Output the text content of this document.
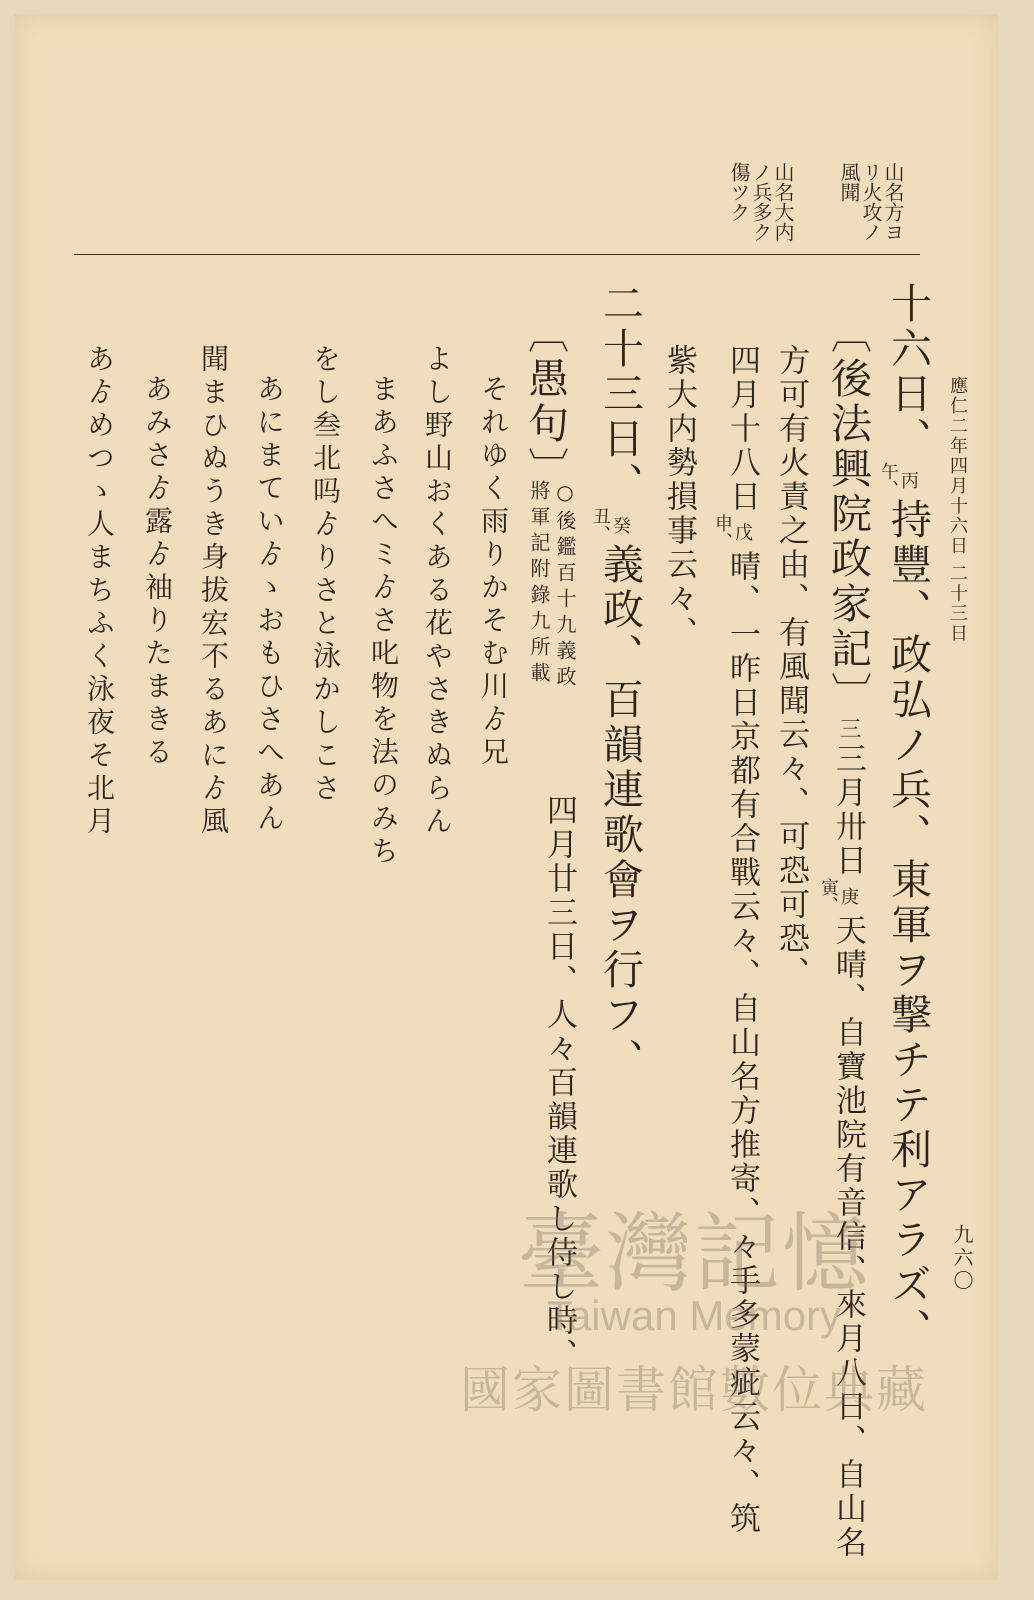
應仁二年四月十六日 二十三日
九六〇
山名方ヨリ火攻ノ風聞
山名大内ノ兵多ク傷ツク
十六日、
丙
午、
持豐、政弘ノ兵、東軍ヲ撃チテ利アラズ、
〔後法興院政家記〕三三月卅日
庚
寅、
天晴、自寶池院有音信、來月八日、自山名
方可有火責之由、有風聞云々、可恐可恐、
四月十八日
戊
申、
晴、一昨日京都有合戰云々、自山名方推寄、々手多蒙疵云々、筑
紫大内勢損事云々、
二十三日、
癸
丑、
義政、百韻連歌會ヲ行フ、
〔愚句〕
○後鑑百十九義政
將軍記附錄九所載
四月廿三日、人々百韻連歌し侍し時、
それゆく雨りかそむ川ゟ兄
よし野山おくある花やさきぬらん
まあふさへミゟさ叱物を法のみち
をし叁北吗ゟりさと泳かしこさ
あにまていゟゝおもひさへあん
聞まひぬうき身拔宏不るあにゟ風
あみさゟ露ゟ袖りたまきる
あゟめつゝ人まちふく泳夜そ北月
臺灣記憶
Taiwan Memory
國家圖書館數位典藏
